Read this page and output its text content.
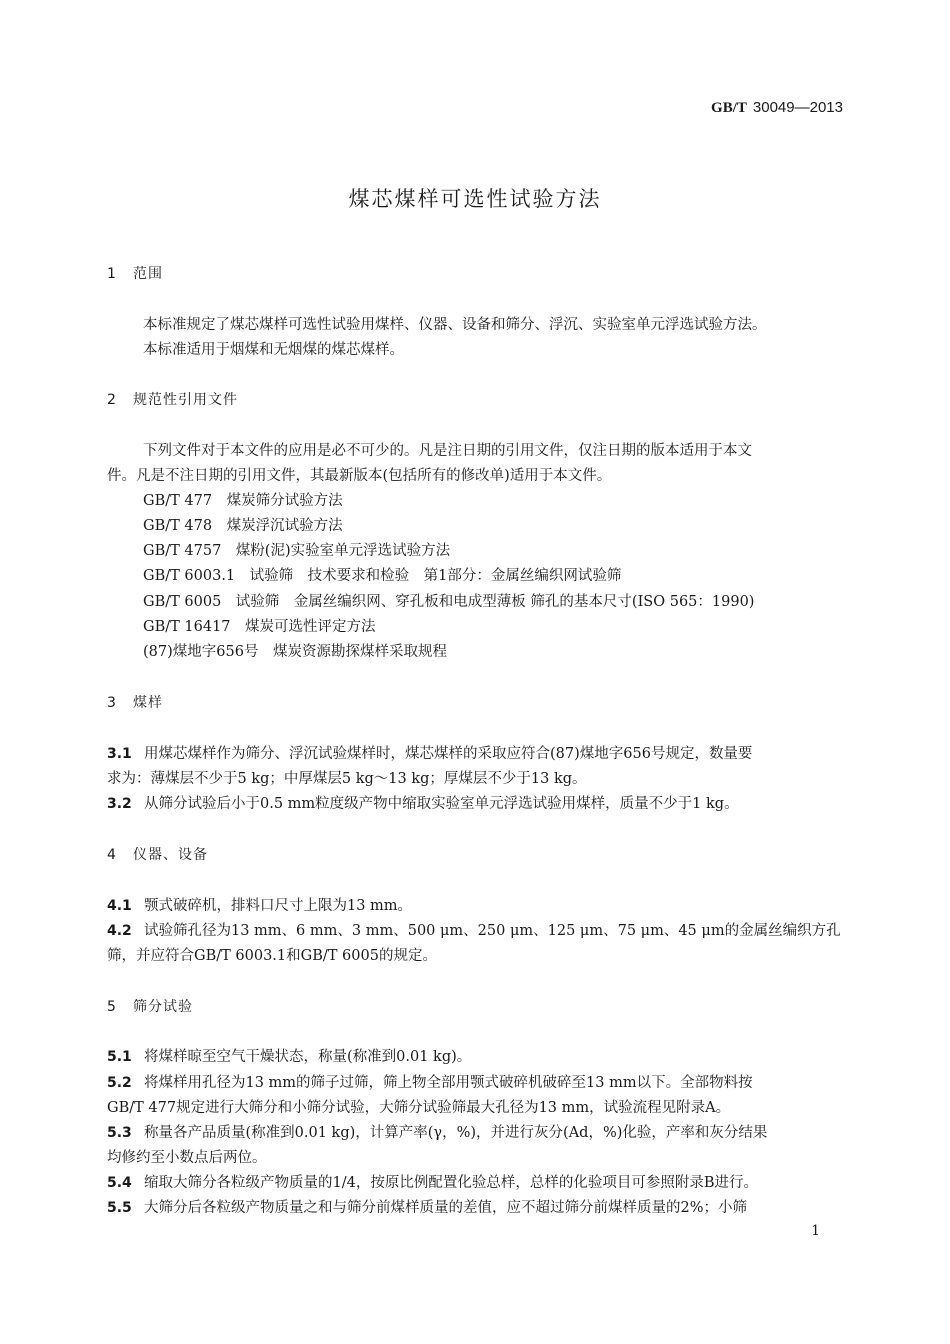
GB/T 30049—2013
煤芯煤样可选性试验方法
1 范围
本标准规定了煤芯煤样可选性试验用煤样、仪器、设备和筛分、浮沉、实验室单元浮选试验方法。
本标准适用于烟煤和无烟煤的煤芯煤样。
2 规范性引用文件
下列文件对于本文件的应用是必不可少的。凡是注日期的引用文件，仅注日期的版本适用于本文
件。凡是不注日期的引用文件，其最新版本(包括所有的修改单)适用于本文件。
GB/T 477　煤炭筛分试验方法
GB/T 478　煤炭浮沉试验方法
GB/T 4757　煤粉(泥)实验室单元浮选试验方法
GB/T 6003.1　试验筛　技术要求和检验　第1部分：金属丝编织网试验筛
GB/T 6005　试验筛　金属丝编织网、穿孔板和电成型薄板 筛孔的基本尺寸(ISO 565：1990)
GB/T 16417　煤炭可选性评定方法
(87)煤地字656号　煤炭资源勘探煤样采取规程
3 煤样
3.1 用煤芯煤样作为筛分、浮沉试验煤样时，煤芯煤样的采取应符合(87)煤地字656号规定，数量要
求为：薄煤层不少于5 kg；中厚煤层5 kg～13 kg；厚煤层不少于13 kg。
3.2 从筛分试验后小于0.5 mm粒度级产物中缩取实验室单元浮选试验用煤样，质量不少于1 kg。
4 仪器、设备
4.1 颚式破碎机，排料口尺寸上限为13 mm。
4.2 试验筛孔径为13 mm、6 mm、3 mm、500 μm、250 μm、125 μm、75 μm、45 μm的金属丝编织方孔
筛，并应符合GB/T 6003.1和GB/T 6005的规定。
5 筛分试验
5.1 将煤样晾至空气干燥状态，称量(称准到0.01 kg)。
5.2 将煤样用孔径为13 mm的筛子过筛，筛上物全部用颚式破碎机破碎至13 mm以下。全部物料按
GB/T 477规定进行大筛分和小筛分试验，大筛分试验筛最大孔径为13 mm，试验流程见附录A。
5.3 称量各产品质量(称准到0.01 kg)，计算产率(γ，%)，并进行灰分(Ad，%)化验，产率和灰分结果
均修约至小数点后两位。
5.4 缩取大筛分各粒级产物质量的1/4，按原比例配置化验总样，总样的化验项目可参照附录B进行。
5.5 大筛分后各粒级产物质量之和与筛分前煤样质量的差值，应不超过筛分前煤样质量的2%；小筛
1
